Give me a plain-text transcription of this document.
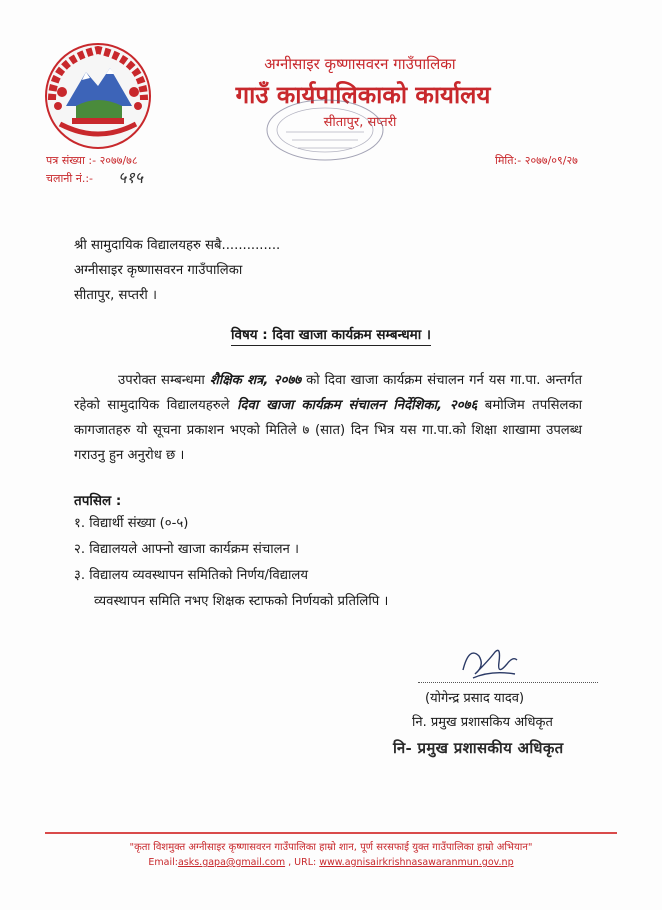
अग्नीसाइर कृष्णासवरन गाउँपालिका
गाउँ कार्यपालिकाको कार्यालय
सीतापुर, सप्तरी
पत्र संख्या :- २०७७/७८
चलानी नं.:- ५१५
मिति:- २०७७/०९/२७
श्री सामुदायिक विद्यालयहरु सबै..............
अग्नीसाइर कृष्णासवरन गाउँपालिका
सीतापुर, सप्तरी ।
विषय : दिवा खाजा कार्यक्रम सम्बन्धमा ।
उपरोक्त सम्बन्धमा शैक्षिक शत्र, २०७७ को दिवा खाजा कार्यक्रम संचालन गर्न यस गा.पा. अन्तर्गत रहेको सामुदायिक विद्यालयहरुले दिवा खाजा कार्यक्रम संचालन निर्देशिका, २०७६ बमोजिम तपसिलका कागजातहरु यो सूचना प्रकाशन भएको मितिले ७ (सात) दिन भित्र यस गा.पा.को शिक्षा शाखामा उपलब्ध गराउनु हुन अनुरोध छ ।
तपसिल :
१. विद्यार्थी संख्या (०-५)
२. विद्यालयले आफ्नो खाजा कार्यक्रम संचालन ।
३. विद्यालय व्यवस्थापन समितिको निर्णय/विद्यालय
व्यवस्थापन समिति नभए शिक्षक स्टाफको निर्णयको प्रतिलिपि ।
(योगेन्द्र प्रसाद यादव)
नि. प्रमुख प्रशासकिय अधिकृत
नि- प्रमुख प्रशासकीय अधिकृत
"कृता विशमुक्त अग्नीसाइर कृष्णासवरन गाउँपालिका हाम्रो शान, पूर्ण सरसफाई युक्त गाउँपालिका हाम्रो अभियान"
Email:asks.gapa@gmail.com , URL: www.agnisairkrishnasawaranmun.gov.np
